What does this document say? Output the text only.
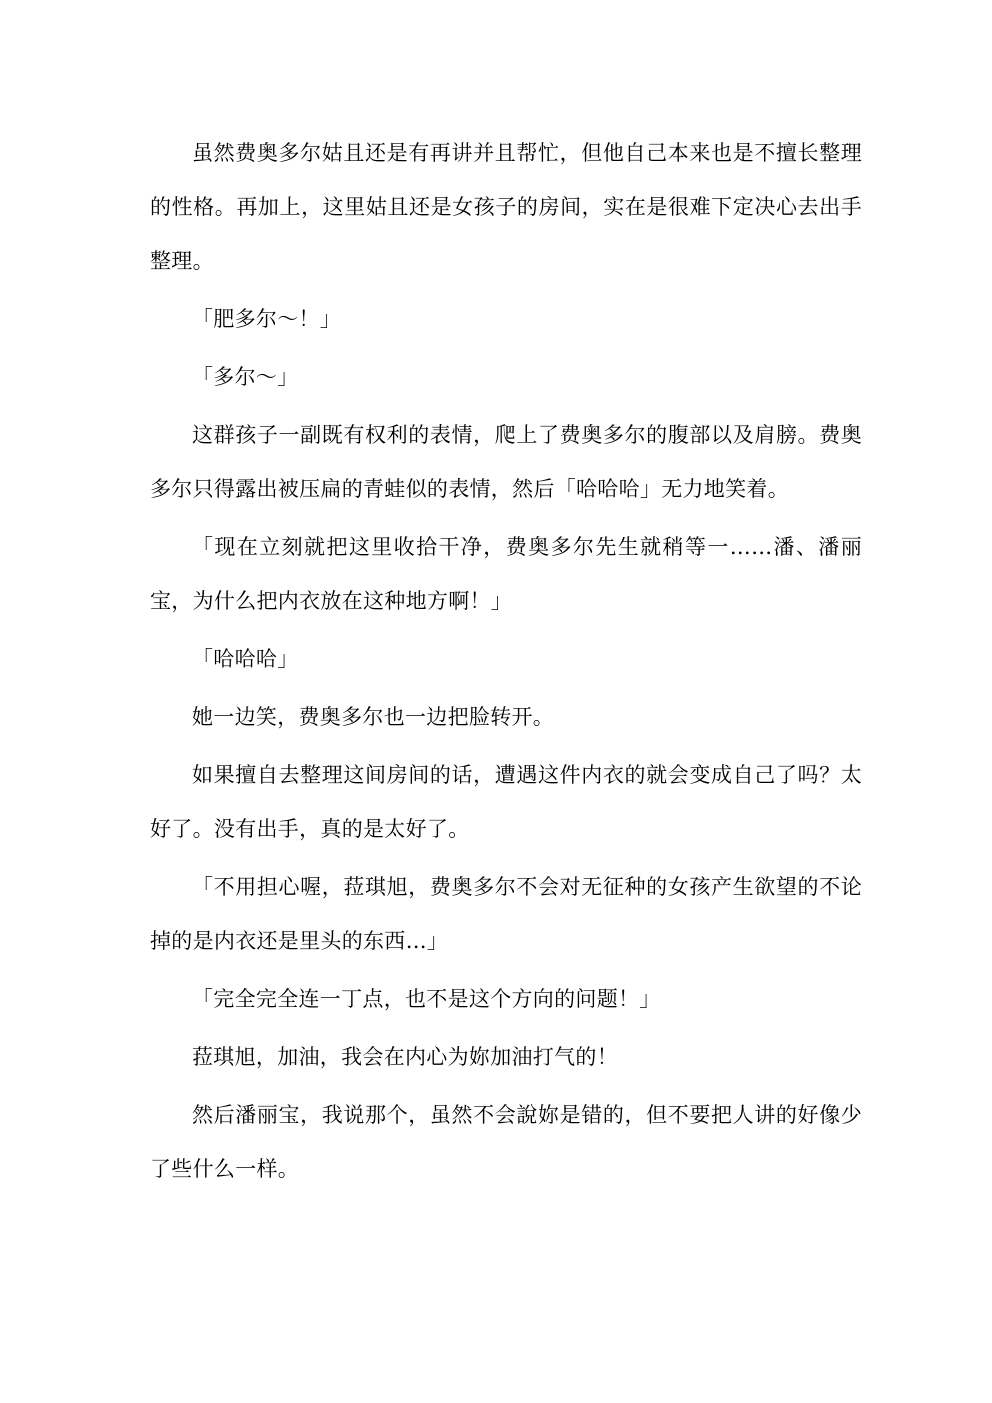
虽然费奥多尔姑且还是有再讲并且帮忙，但他自己本来也是不擅长整理的性格。再加上，这里姑且还是女孩子的房间，实在是很难下定决心去出手整理。

「肥多尔～！」

「多尔～」

这群孩子一副既有权利的表情，爬上了费奥多尔的腹部以及肩膀。费奥多尔只得露出被压扁的青蛙似的表情，然后「哈哈哈」无力地笑着。

「现在立刻就把这里收拾干净，费奥多尔先生就稍等一……潘、潘丽宝，为什么把内衣放在这种地方啊！」

「哈哈哈」

她一边笑，费奥多尔也一边把脸转开。

如果擅自去整理这间房间的话，遭遇这件内衣的就会变成自己了吗？太好了。没有出手，真的是太好了。

「不用担心喔，菈琪旭，费奥多尔不会对无征种的女孩产生欲望的不论掉的是内衣还是里头的东西…」

「完全完全连一丁点，也不是这个方向的问题！」

菈琪旭，加油，我会在内心为妳加油打气的！

然后潘丽宝，我说那个，虽然不会說妳是错的，但不要把人讲的好像少了些什么一样。
